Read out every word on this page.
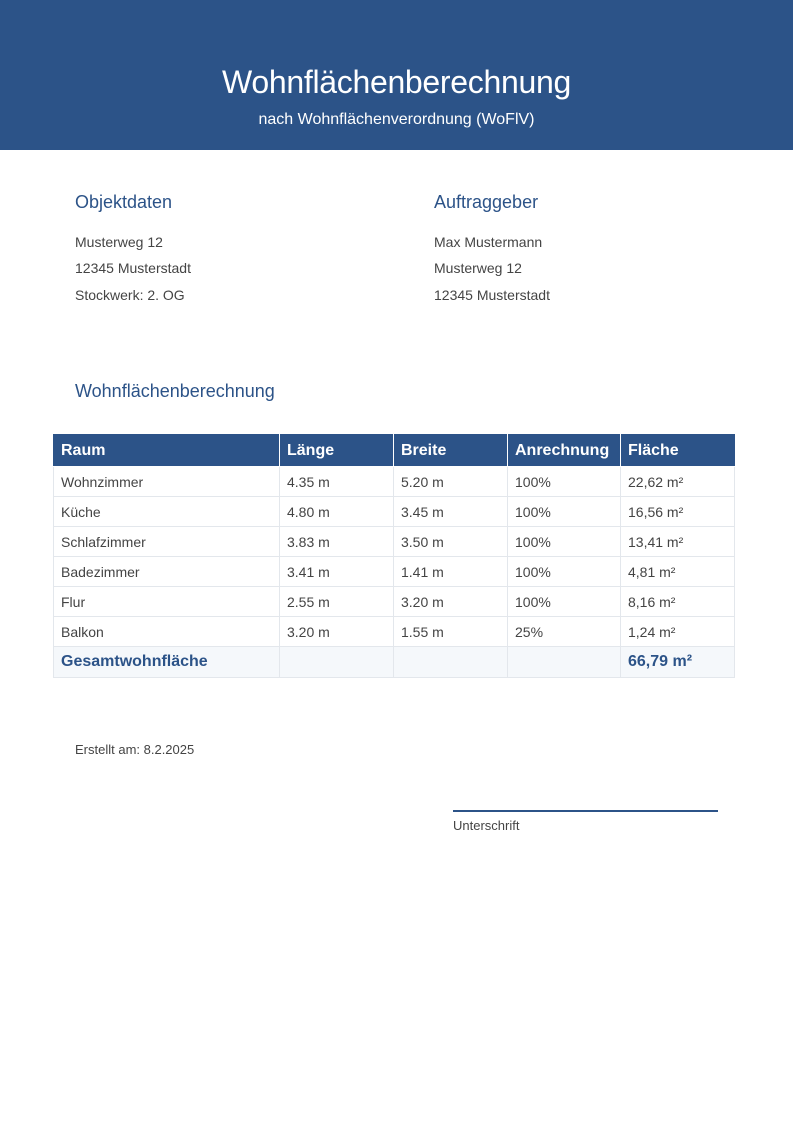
Wohnflächenberechnung
nach Wohnflächenverordnung (WoFlV)
Objektdaten
Musterweg 12
12345 Musterstadt
Stockwerk: 2. OG
Auftraggeber
Max Mustermann
Musterweg 12
12345 Musterstadt
Wohnflächenberechnung
Raum	Länge	Breite	Anrechnung	Fläche
Wohnzimmer	4.35 m	5.20 m	100%	22,62 m²
Küche	4.80 m	3.45 m	100%	16,56 m²
Schlafzimmer	3.83 m	3.50 m	100%	13,41 m²
Badezimmer	3.41 m	1.41 m	100%	4,81 m²
Flur	2.55 m	3.20 m	100%	8,16 m²
Balkon	3.20 m	1.55 m	25%	1,24 m²
Gesamtwohnfläche				66,79 m²
Erstellt am: 8.2.2025
Unterschrift
